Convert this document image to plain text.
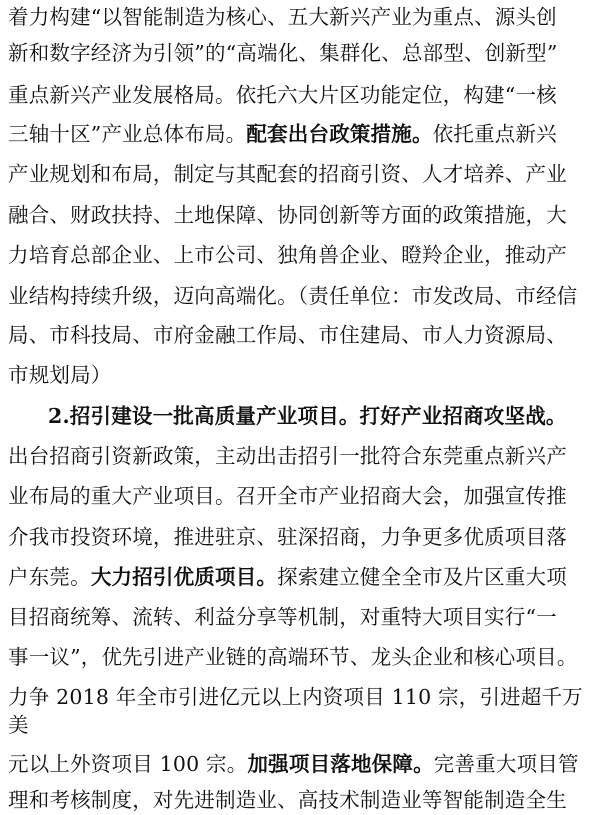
着力构建“以智能制造为核心、五大新兴产业为重点、源头创
新和数字经济为引领”的“高端化、集群化、总部型、创新型”
重点新兴产业发展格局。依托六大片区功能定位，构建“一核
三轴十区”产业总体布局。配套出台政策措施。依托重点新兴
产业规划和布局，制定与其配套的招商引资、人才培养、产业
融合、财政扶持、土地保障、协同创新等方面的政策措施，大
力培育总部企业、上市公司、独角兽企业、瞪羚企业，推动产
业结构持续升级，迈向高端化。（责任单位：市发改局、市经信
局、市科技局、市府金融工作局、市住建局、市人力资源局、
市规划局）
2.招引建设一批高质量产业项目。打好产业招商攻坚战。
出台招商引资新政策，主动出击招引一批符合东莞重点新兴产
业布局的重大产业项目。召开全市产业招商大会，加强宣传推
介我市投资环境，推进驻京、驻深招商，力争更多优质项目落
户东莞。大力招引优质项目。探索建立健全全市及片区重大项
目招商统筹、流转、利益分享等机制，对重特大项目实行“一
事一议”，优先引进产业链的高端环节、龙头企业和核心项目。
力争 2018 年全市引进亿元以上内资项目 110 宗，引进超千万
美
元以上外资项目 100 宗。加强项目落地保障。完善重大项目管
理和考核制度，对先进制造业、高技术制造业等智能制造全生
